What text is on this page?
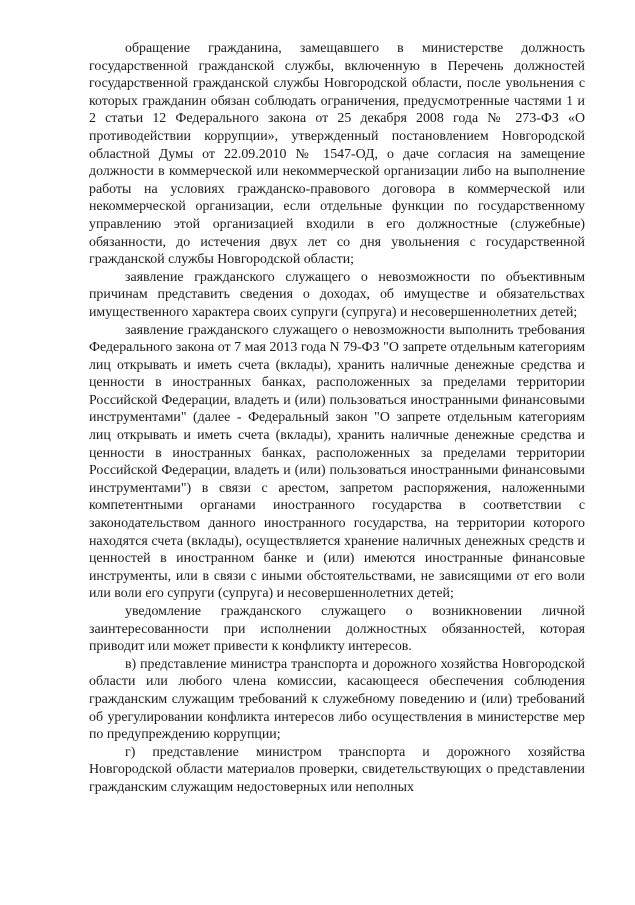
обращение гражданина, замещавшего в министерстве должность государственной гражданской службы, включенную в Перечень должностей государственной гражданской службы Новгородской области, после увольнения с которых гражданин обязан соблюдать ограничения, предусмотренные частями 1 и 2 статьи 12 Федерального закона от 25 декабря 2008 года № 273-ФЗ «О противодействии коррупции», утвержденный постановлением Новгородской областной Думы от 22.09.2010 № 1547-ОД, о даче согласия на замещение должности в коммерческой или некоммерческой организации либо на выполнение работы на условиях гражданско-правового договора в коммерческой или некоммерческой организации, если отдельные функции по государственному управлению этой организацией входили в его должностные (служебные) обязанности, до истечения двух лет со дня увольнения с государственной гражданской службы Новгородской области;

заявление гражданского служащего о невозможности по объективным причинам представить сведения о доходах, об имуществе и обязательствах имущественного характера своих супруги (супруга) и несовершеннолетних детей;

заявление гражданского служащего о невозможности выполнить требования Федерального закона от 7 мая 2013 года N 79-ФЗ "О запрете отдельным категориям лиц открывать и иметь счета (вклады), хранить наличные денежные средства и ценности в иностранных банках, расположенных за пределами территории Российской Федерации, владеть и (или) пользоваться иностранными финансовыми инструментами" (далее - Федеральный закон "О запрете отдельным категориям лиц открывать и иметь счета (вклады), хранить наличные денежные средства и ценности в иностранных банках, расположенных за пределами территории Российской Федерации, владеть и (или) пользоваться иностранными финансовыми инструментами") в связи с арестом, запретом распоряжения, наложенными компетентными органами иностранного государства в соответствии с законодательством данного иностранного государства, на территории которого находятся счета (вклады), осуществляется хранение наличных денежных средств и ценностей в иностранном банке и (или) имеются иностранные финансовые инструменты, или в связи с иными обстоятельствами, не зависящими от его воли или воли его супруги (супруга) и несовершеннолетних детей;

уведомление гражданского служащего о возникновении личной заинтересованности при исполнении должностных обязанностей, которая приводит или может привести к конфликту интересов.

в) представление министра транспорта и дорожного хозяйства Новгородской области или любого члена комиссии, касающееся обеспечения соблюдения гражданским служащим требований к служебному поведению и (или) требований об урегулировании конфликта интересов либо осуществления в министерстве мер по предупреждению коррупции;

г) представление министром транспорта и дорожного хозяйства Новгородской области материалов проверки, свидетельствующих о представлении гражданским служащим недостоверных или неполных
